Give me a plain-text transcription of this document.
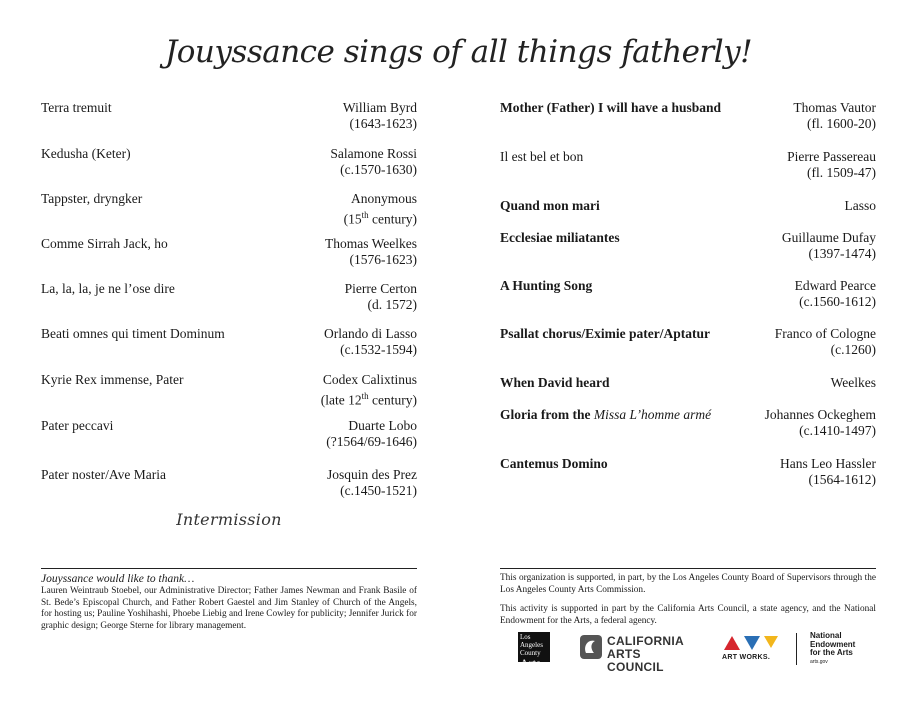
Jouyssance sings of all things fatherly!
Terra tremuit	William Byrd
(1643-1623)
Kedusha (Keter)	Salamone Rossi
(c.1570-1630)
Tappster, dryngker	Anonymous
(15th century)
Comme Sirrah Jack, ho	Thomas Weelkes
(1576-1623)
La, la, la, je ne l’ose dire	Pierre Certon
(d. 1572)
Beati omnes qui timent Dominum	Orlando di Lasso
(c.1532-1594)
Kyrie Rex immense, Pater	Codex Calixtinus
(late 12th century)
Pater peccavi	Duarte Lobo
(?1564/69-1646)
Pater noster/Ave Maria	Josquin des Prez
(c.1450-1521)
Intermission
Mother (Father) I will have a husband	Thomas Vautor
(fl. 1600-20)
Il est bel et bon	Pierre Passereau
(fl. 1509-47)
Quand mon mari	Lasso
Ecclesiae miliatantes	Guillaume Dufay
(1397-1474)
A Hunting Song	Edward Pearce
(c.1560-1612)
Psallat chorus/Eximie pater/Aptatur	Franco of Cologne
(c.1260)
When David heard	Weelkes
Gloria from the Missa L’homme armé	Johannes Ockeghem
(c.1410-1497)
Cantemus Domino	Hans Leo Hassler
(1564-1612)
Jouyssance would like to thank…
Lauren Weintraub Stoebel, our Administrative Director; Father James Newman and Frank Basile of St. Bede’s Episcopal Church, and Father Robert Gaestel and Jim Stanley of Church of the Angels, for hosting us; Pauline Yoshihashi, Phoebe Liebig and Irene Cowley for publicity; Jennifer Jurick for graphic design; George Sterne for library management.

This organization is supported, in part, by the Los Angeles County Board of Supervisors through the Los Angeles County Arts Commission.

This activity is supported in part by the California Arts Council, a state agency, and the National Endowment for the Arts, a federal agency.

Los Angeles County
Arts
CALIFORNIA
ARTS COUNCIL
ART WORKS.
National
Endowment
for the Arts
arts.gov
